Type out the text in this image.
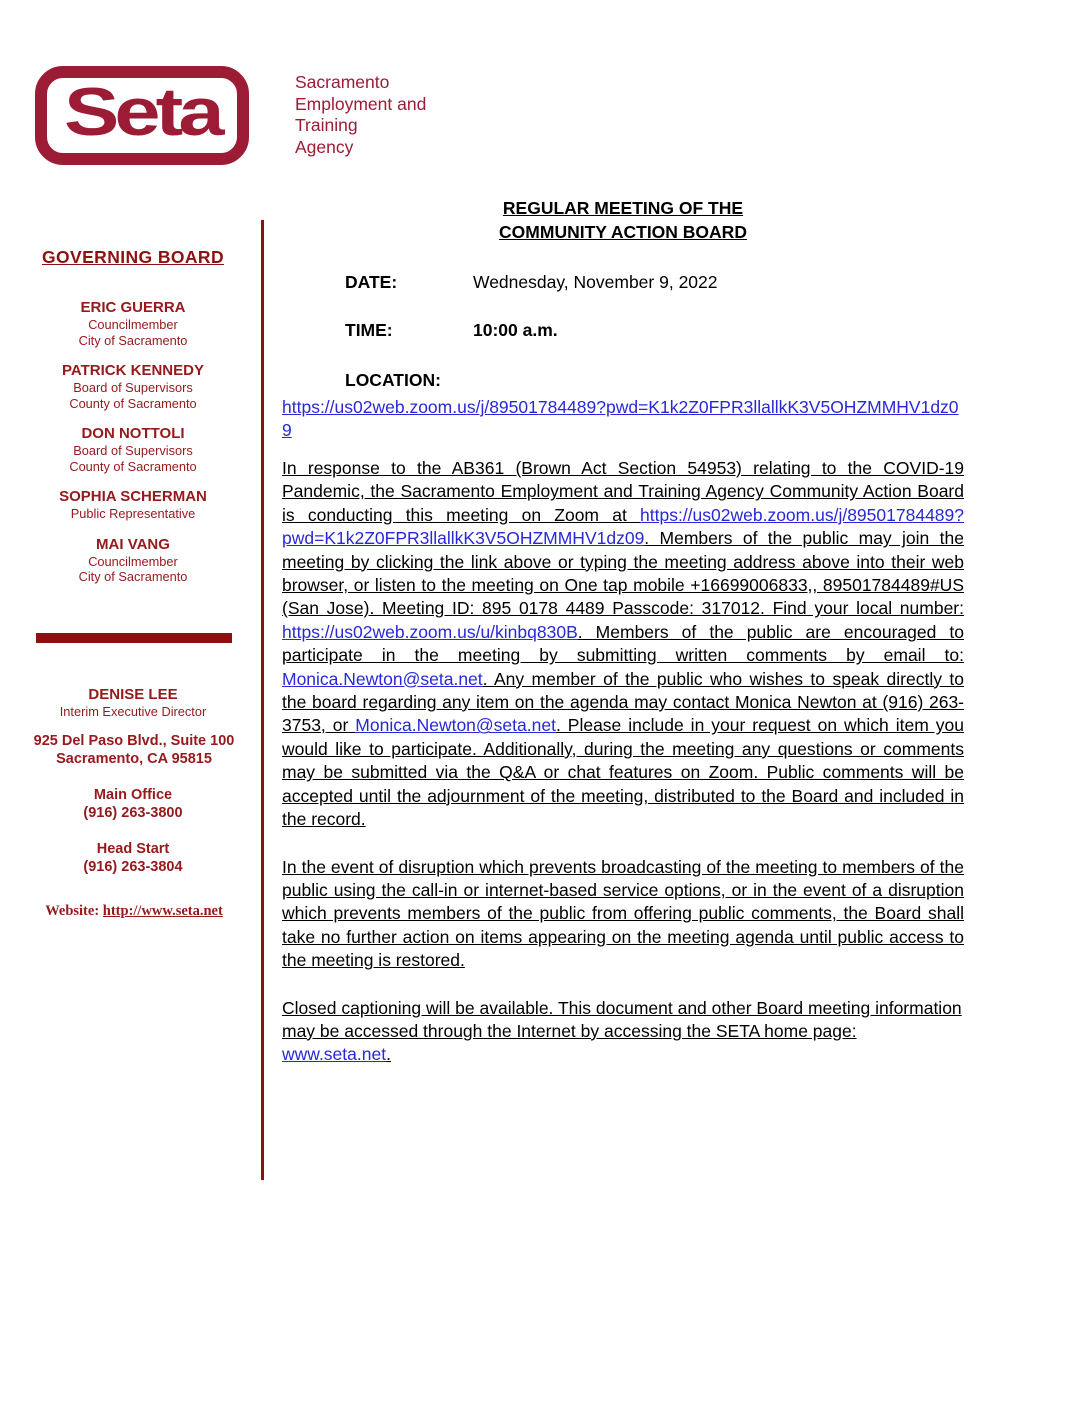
Seta	Sacramento
Employment and
Training
Agency
GOVERNING BOARD
ERIC GUERRA
Councilmember
City of Sacramento
PATRICK KENNEDY
Board of Supervisors
County of Sacramento
DON NOTTOLI
Board of Supervisors
County of Sacramento
SOPHIA SCHERMAN
Public Representative
MAI VANG
Councilmember
City of Sacramento
DENISE LEE
Interim Executive Director
925 Del Paso Blvd., Suite 100
Sacramento, CA 95815
Main Office
(916) 263-3800
Head Start
(916) 263-3804
Website: http://www.seta.net
REGULAR MEETING OF THE
COMMUNITY ACTION BOARD
DATE:	Wednesday, November 9, 2022
TIME:	10:00 a.m.
LOCATION:
https://us02web.zoom.us/j/89501784489?pwd=K1k2Z0FPR3llallkK3V5OHZMMHV1dz09

In response to the AB361 (Brown Act Section 54953) relating to the COVID-19 Pandemic, the Sacramento Employment and Training Agency Community Action Board is conducting this meeting on Zoom at https://us02web.zoom.us/j/89501784489?pwd=K1k2Z0FPR3llallkK3V5OHZMMHV1dz09. Members of the public may join the meeting by clicking the link above or typing the meeting address above into their web browser, or listen to the meeting on One tap mobile +16699006833,, 89501784489#US (San Jose). Meeting ID: 895 0178 4489 Passcode: 317012. Find your local number: https://us02web.zoom.us/u/kinbq830B. Members of the public are encouraged to participate in the meeting by submitting written comments by email to: Monica.Newton@seta.net. Any member of the public who wishes to speak directly to the board regarding any item on the agenda may contact Monica Newton at (916) 263-3753, or Monica.Newton@seta.net. Please include in your request on which item you would like to participate. Additionally, during the meeting any questions or comments may be submitted via the Q&A or chat features on Zoom. Public comments will be accepted until the adjournment of the meeting, distributed to the Board and included in the record.

In the event of disruption which prevents broadcasting of the meeting to members of the public using the call-in or internet-based service options, or in the event of a disruption which prevents members of the public from offering public comments, the Board shall take no further action on items appearing on the meeting agenda until public access to the meeting is restored.

Closed captioning will be available. This document and other Board meeting information may be accessed through the Internet by accessing the SETA home page: www.seta.net.
